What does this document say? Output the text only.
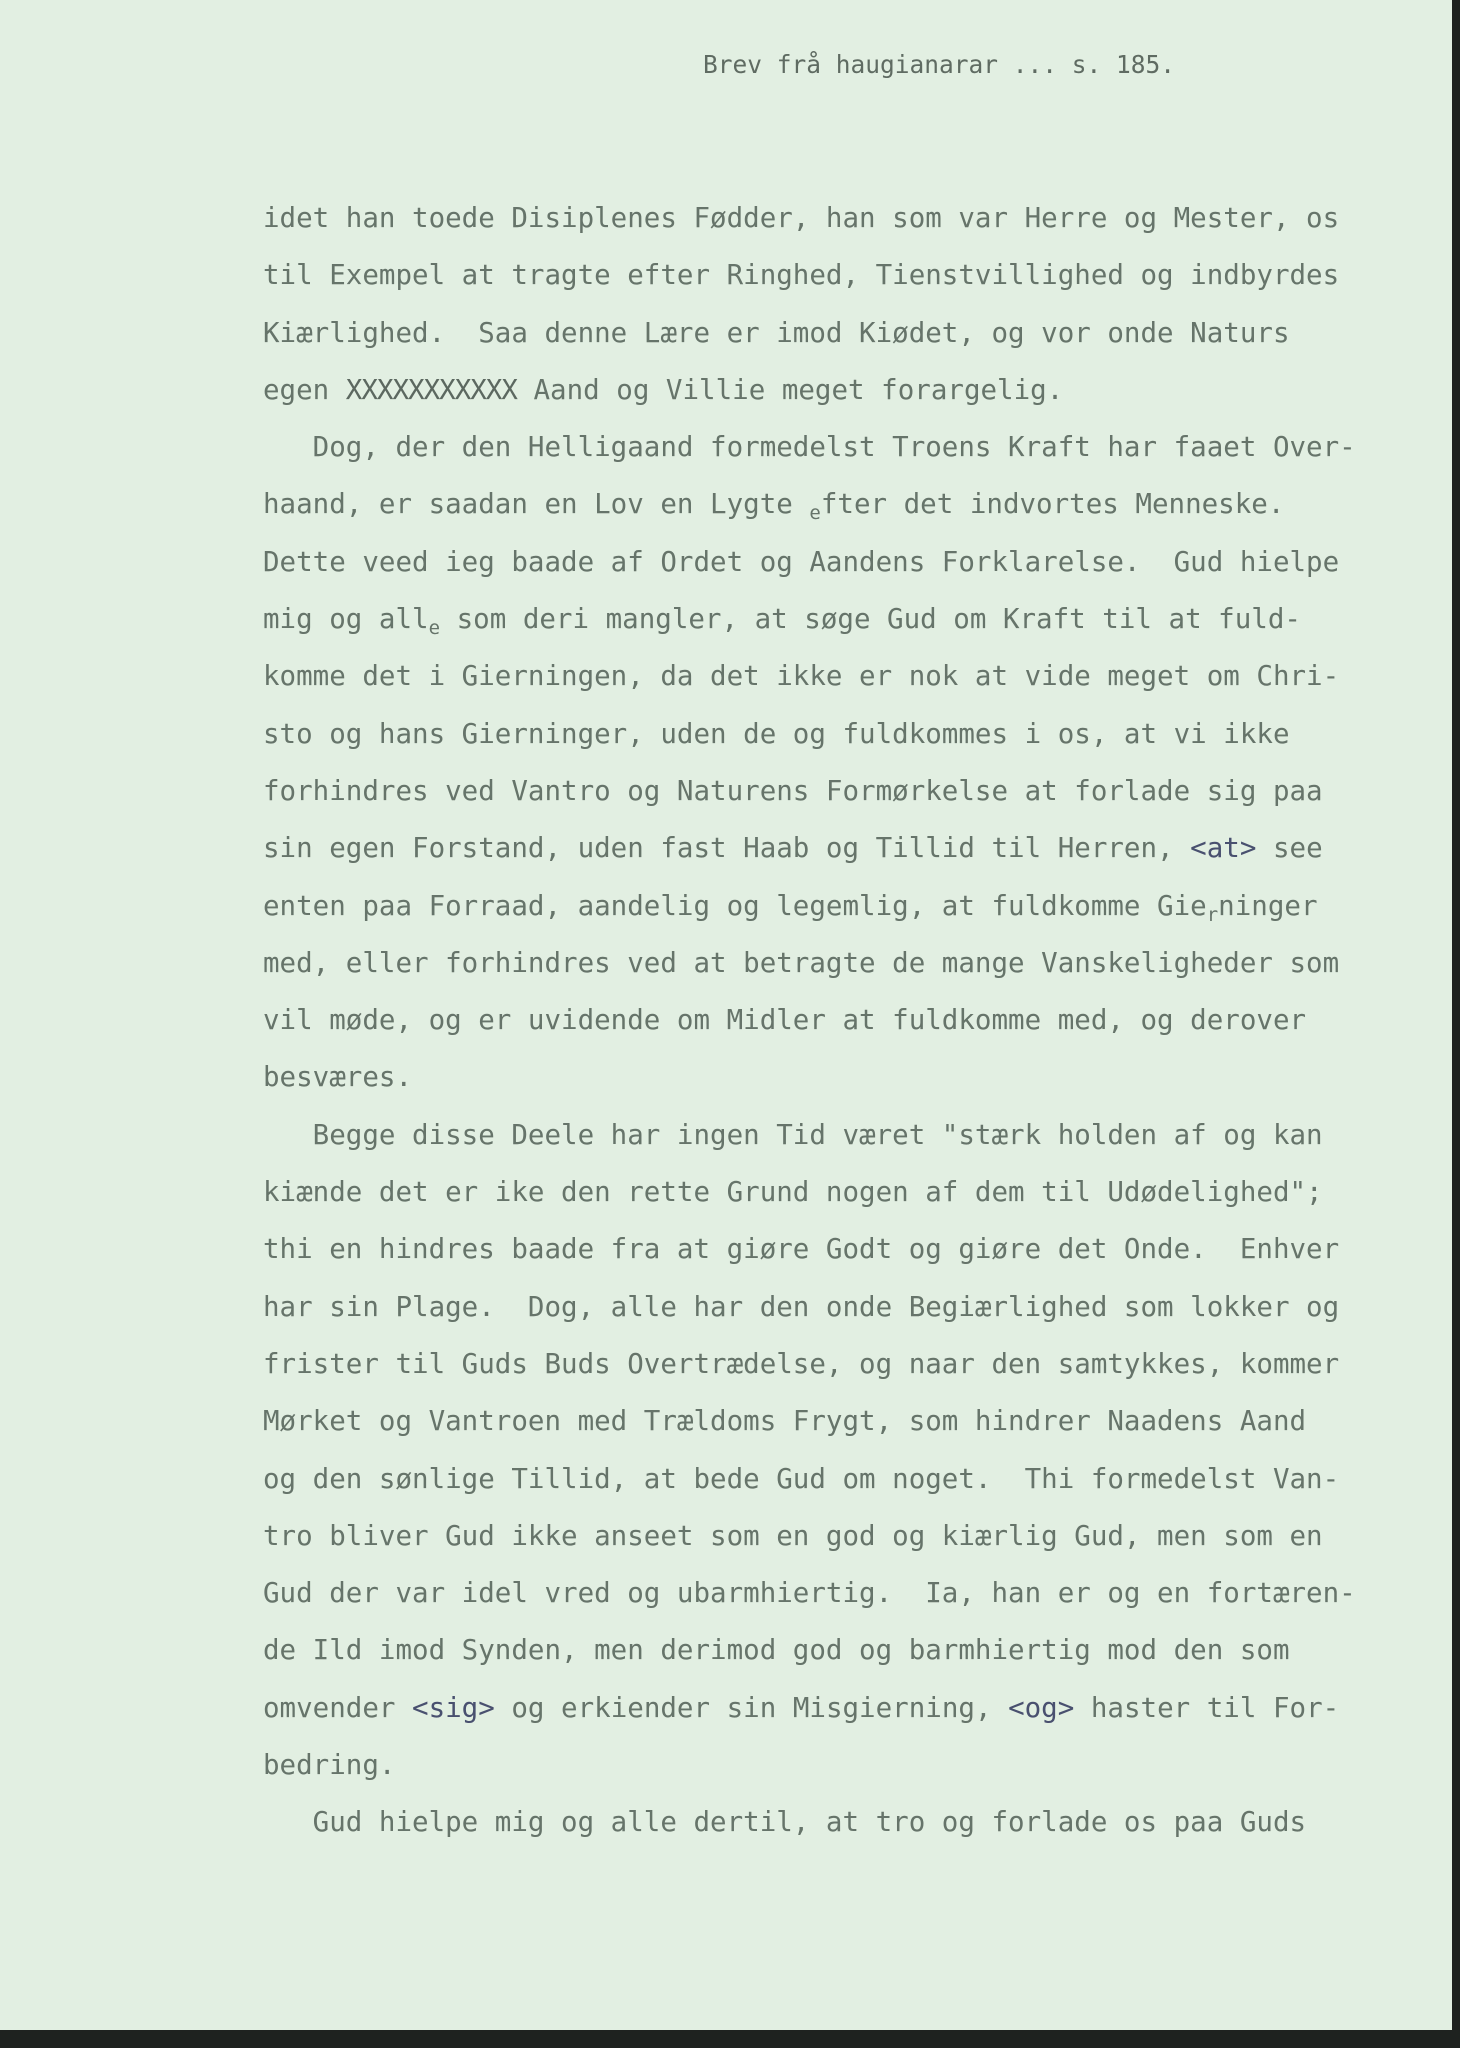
Brev frå haugianarar ... s. 185.
idet han toede Disiplenes Fødder, han som var Herre og Mester, os
til Exempel at tragte efter Ringhed, Tienstvillighed og indbyrdes
Kiærlighed.  Saa denne Lære er imod Kiødet, og vor onde Naturs
egen XXXXXXXXXXX Aand og Villie meget forargelig.
Dog, der den Helligaand formedelst Troens Kraft har faaet Over-
haand, er saadan en Lov en Lygte $_e$fter det indvortes Menneske.
Dette veed ieg baade af Ordet og Aandens Forklarelse.  Gud hielpe
mig og all$_e$ som deri mangler, at søge Gud om Kraft til at fuld-
komme det i Gierningen, da det ikke er nok at vide meget om Chri-
sto og hans Gierninger, uden de og fuldkommes i os, at vi ikke
forhindres ved Vantro og Naturens Formørkelse at forlade sig paa
sin egen Forstand, uden fast Haab og Tillid til Herren, <at> see
enten paa Forraad, aandelig og legemlig, at fuldkomme Gie$_r$ninger
med, eller forhindres ved at betragte de mange Vanskeligheder som
vil møde, og er uvidende om Midler at fuldkomme med, og derover
besværes.
Begge disse Deele har ingen Tid været "stærk holden af og kan
kiænde det er ike den rette Grund nogen af dem til Udødelighed";
thi en hindres baade fra at giøre Godt og giøre det Onde.  Enhver
har sin Plage.  Dog, alle har den onde Begiærlighed som lokker og
frister til Guds Buds Overtrædelse, og naar den samtykkes, kommer
Mørket og Vantroen med Trældoms Frygt, som hindrer Naadens Aand
og den sønlige Tillid, at bede Gud om noget.  Thi formedelst Van-
tro bliver Gud ikke anseet som en god og kiærlig Gud, men som en
Gud der var idel vred og ubarmhiertig.  Ia, han er og en fortæren-
de Ild imod Synden, men derimod god og barmhiertig mod den som
omvender <sig> og erkiender sin Misgierning, <og> haster til For-
bedring.
Gud hielpe mig og alle dertil, at tro og forlade os paa Guds
